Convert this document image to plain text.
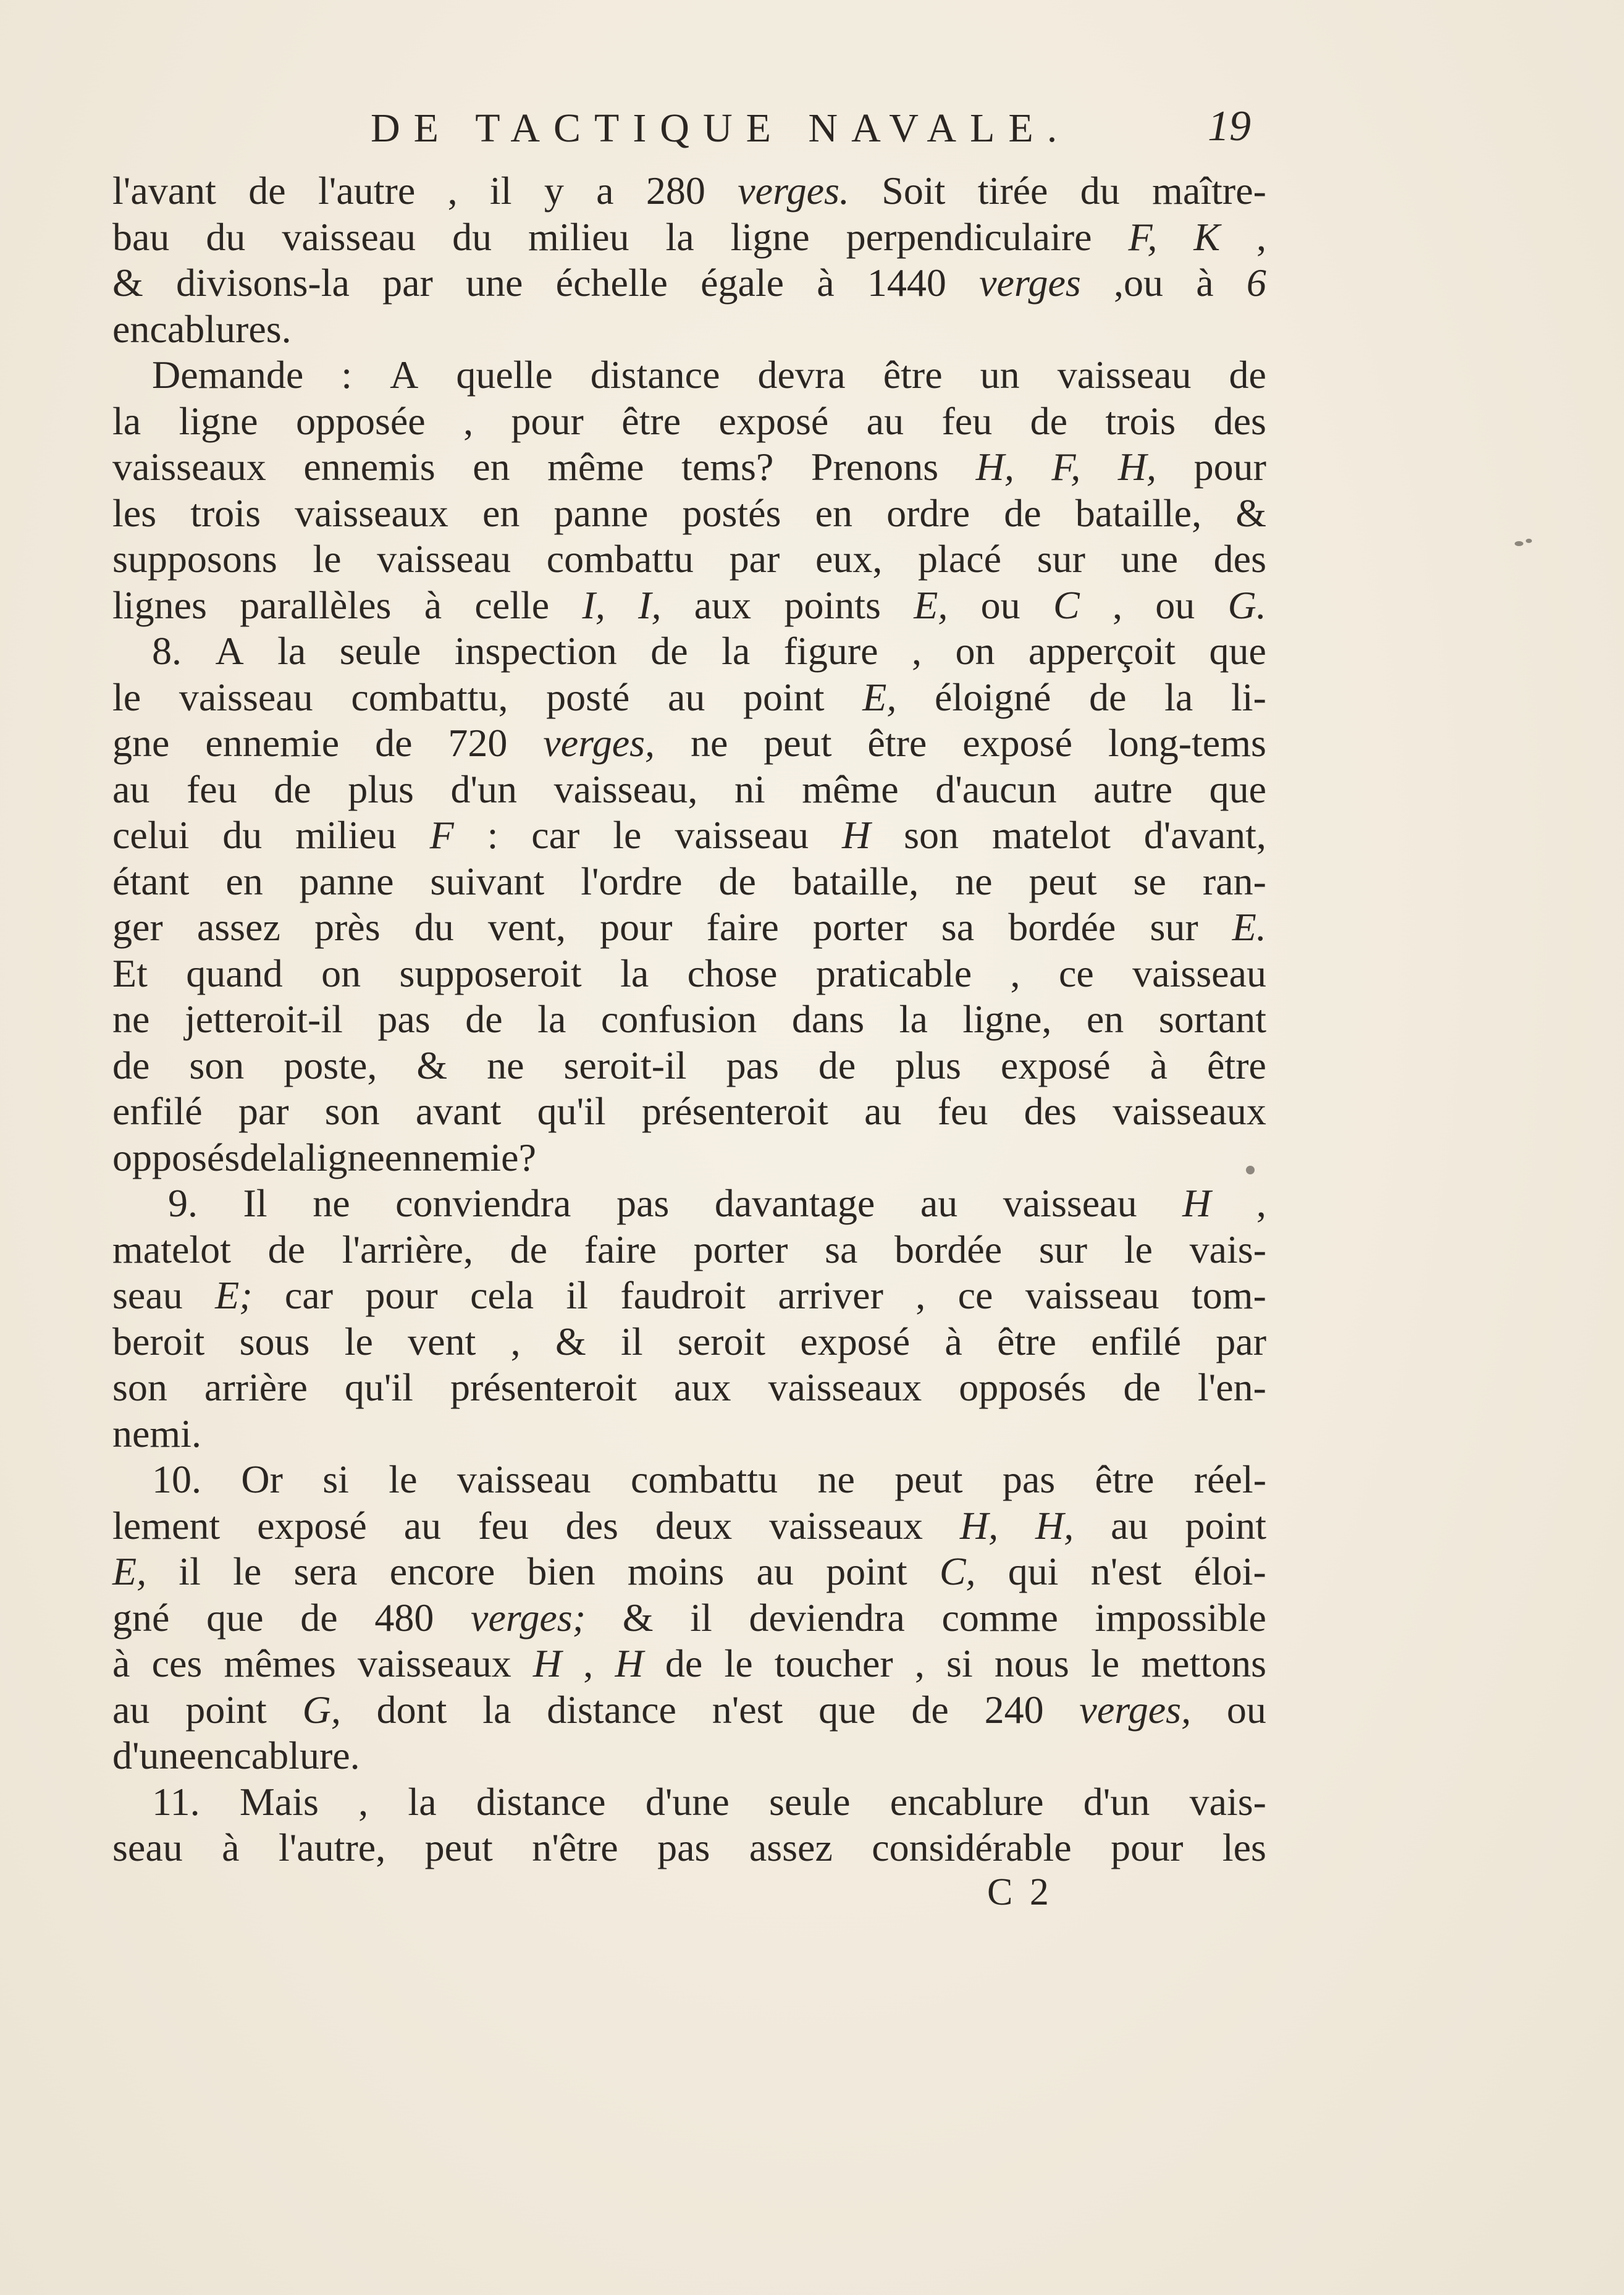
DE TACTIQUE NAVALE.	19
l'avant de l'autre , il y a 280 verges. Soit tirée du maître-
bau du vaisseau du milieu la ligne perpendiculaire F, K ,
& divisons-la par une échelle égale à 1440 verges ,ou à 6
encablures.
Demande : A quelle distance devra être un vaisseau de
la ligne opposée , pour être exposé au feu de trois des
vaisseaux ennemis en même tems? Prenons H, F, H, pour
les trois vaisseaux en panne postés en ordre de bataille, &
supposons le vaisseau combattu par eux, placé sur une des
lignes parallèles à celle I, I, aux points E, ou C , ou G.
8. A la seule inspection de la figure , on apperçoit que
le vaisseau combattu, posté au point E, éloigné de la li-
gne ennemie de 720 verges, ne peut être exposé long-tems
au feu de plus d'un vaisseau, ni même d'aucun autre que
celui du milieu F : car le vaisseau H son matelot d'avant,
étant en panne suivant l'ordre de bataille, ne peut se ran-
ger assez près du vent, pour faire porter sa bordée sur E.
Et quand on supposeroit la chose praticable , ce vaisseau
ne jetteroit-il pas de la confusion dans la ligne, en sortant
de son poste, & ne seroit-il pas de plus exposé à être
enfilé par son avant qu'il présenteroit au feu des vaisseaux
opposés de la ligne ennemie?
9. Il ne conviendra pas davantage au vaisseau H ,
matelot de l'arrière, de faire porter sa bordée sur le vais-
seau E; car pour cela il faudroit arriver , ce vaisseau tom-
beroit sous le vent , & il seroit exposé à être enfilé par
son arrière qu'il présenteroit aux vaisseaux opposés de l'en-
nemi.
10. Or si le vaisseau combattu ne peut pas être réel-
lement exposé au feu des deux vaisseaux H, H, au point
E, il le sera encore bien moins au point C, qui n'est éloi-
gné que de 480 verges; & il deviendra comme impossible
à ces mêmes vaisseaux H , H de le toucher , si nous le mettons
au point G, dont la distance n'est que de 240 verges, ou
d'une encablure.
11. Mais , la distance d'une seule encablure d'un vais-
seau à l'autre, peut n'être pas assez considérable pour les
C 2
